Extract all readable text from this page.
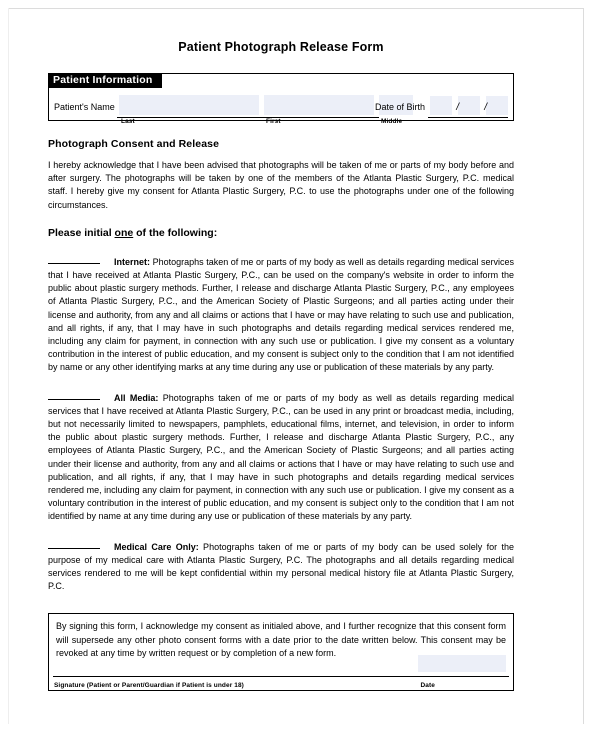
Patient Photograph Release Form
Patient Information
Patient's Name
Last	First	Middle
Date of Birth	/	/
Photograph Consent and Release

I hereby acknowledge that I have been advised that photographs will be taken of me or parts of my body before and after surgery. The photographs will be taken by one of the members of the Atlanta Plastic Surgery, P.C. medical staff. I hereby give my consent for Atlanta Plastic Surgery, P.C. to use the photographs under one of the following circumstances.

Please initial one of the following:

Internet: Photographs taken of me or parts of my body as well as details regarding medical services that I have received at Atlanta Plastic Surgery, P.C., can be used on the company's website in order to inform the public about plastic surgery methods. Further, I release and discharge Atlanta Plastic Surgery, P.C., any employees of Atlanta Plastic Surgery, P.C., and the American Society of Plastic Surgeons; and all parties acting under their license and authority, from any and all claims or actions that I have or may have relating to such use and publication, and all rights, if any, that I may have in such photographs and details regarding medical services rendered me, including any claim for payment, in connection with any such use or publication. I give my consent as a voluntary contribution in the interest of public education, and my consent is subject only to the condition that I am not identified by name or any other identifying marks at any time during any use or publication of these materials by any party.

All Media: Photographs taken of me or parts of my body as well as details regarding medical services that I have received at Atlanta Plastic Surgery, P.C., can be used in any print or broadcast media, including, but not necessarily limited to newspapers, pamphlets, educational films, internet, and television, in order to inform the public about plastic surgery methods. Further, I release and discharge Atlanta Plastic Surgery, P.C., any employees of Atlanta Plastic Surgery, P.C., and the American Society of Plastic Surgeons; and all parties acting under their license and authority, from any and all claims or actions that I have or may have relating to such use and publication, and all rights, if any, that I may have in such photographs and details regarding medical services rendered me, including any claim for payment, in connection with any such use or publication. I give my consent as a voluntary contribution in the interest of public education, and my consent is subject only to the condition that I am not identified by name at any time during any use or publication of these materials by any party.

Medical Care Only: Photographs taken of me or parts of my body can be used solely for the purpose of my medical care with Atlanta Plastic Surgery, P.C. The photographs and all details regarding medical services rendered to me will be kept confidential within my personal medical history file at Atlanta Plastic Surgery, P.C.

By signing this form, I acknowledge my consent as initialed above, and I further recognize that this consent form will supersede any other photo consent forms with a date prior to the date written below. This consent may be revoked at any time by written request or by completion of a new form.

Signature (Patient or Parent/Guardian if Patient is under 18)	Date
